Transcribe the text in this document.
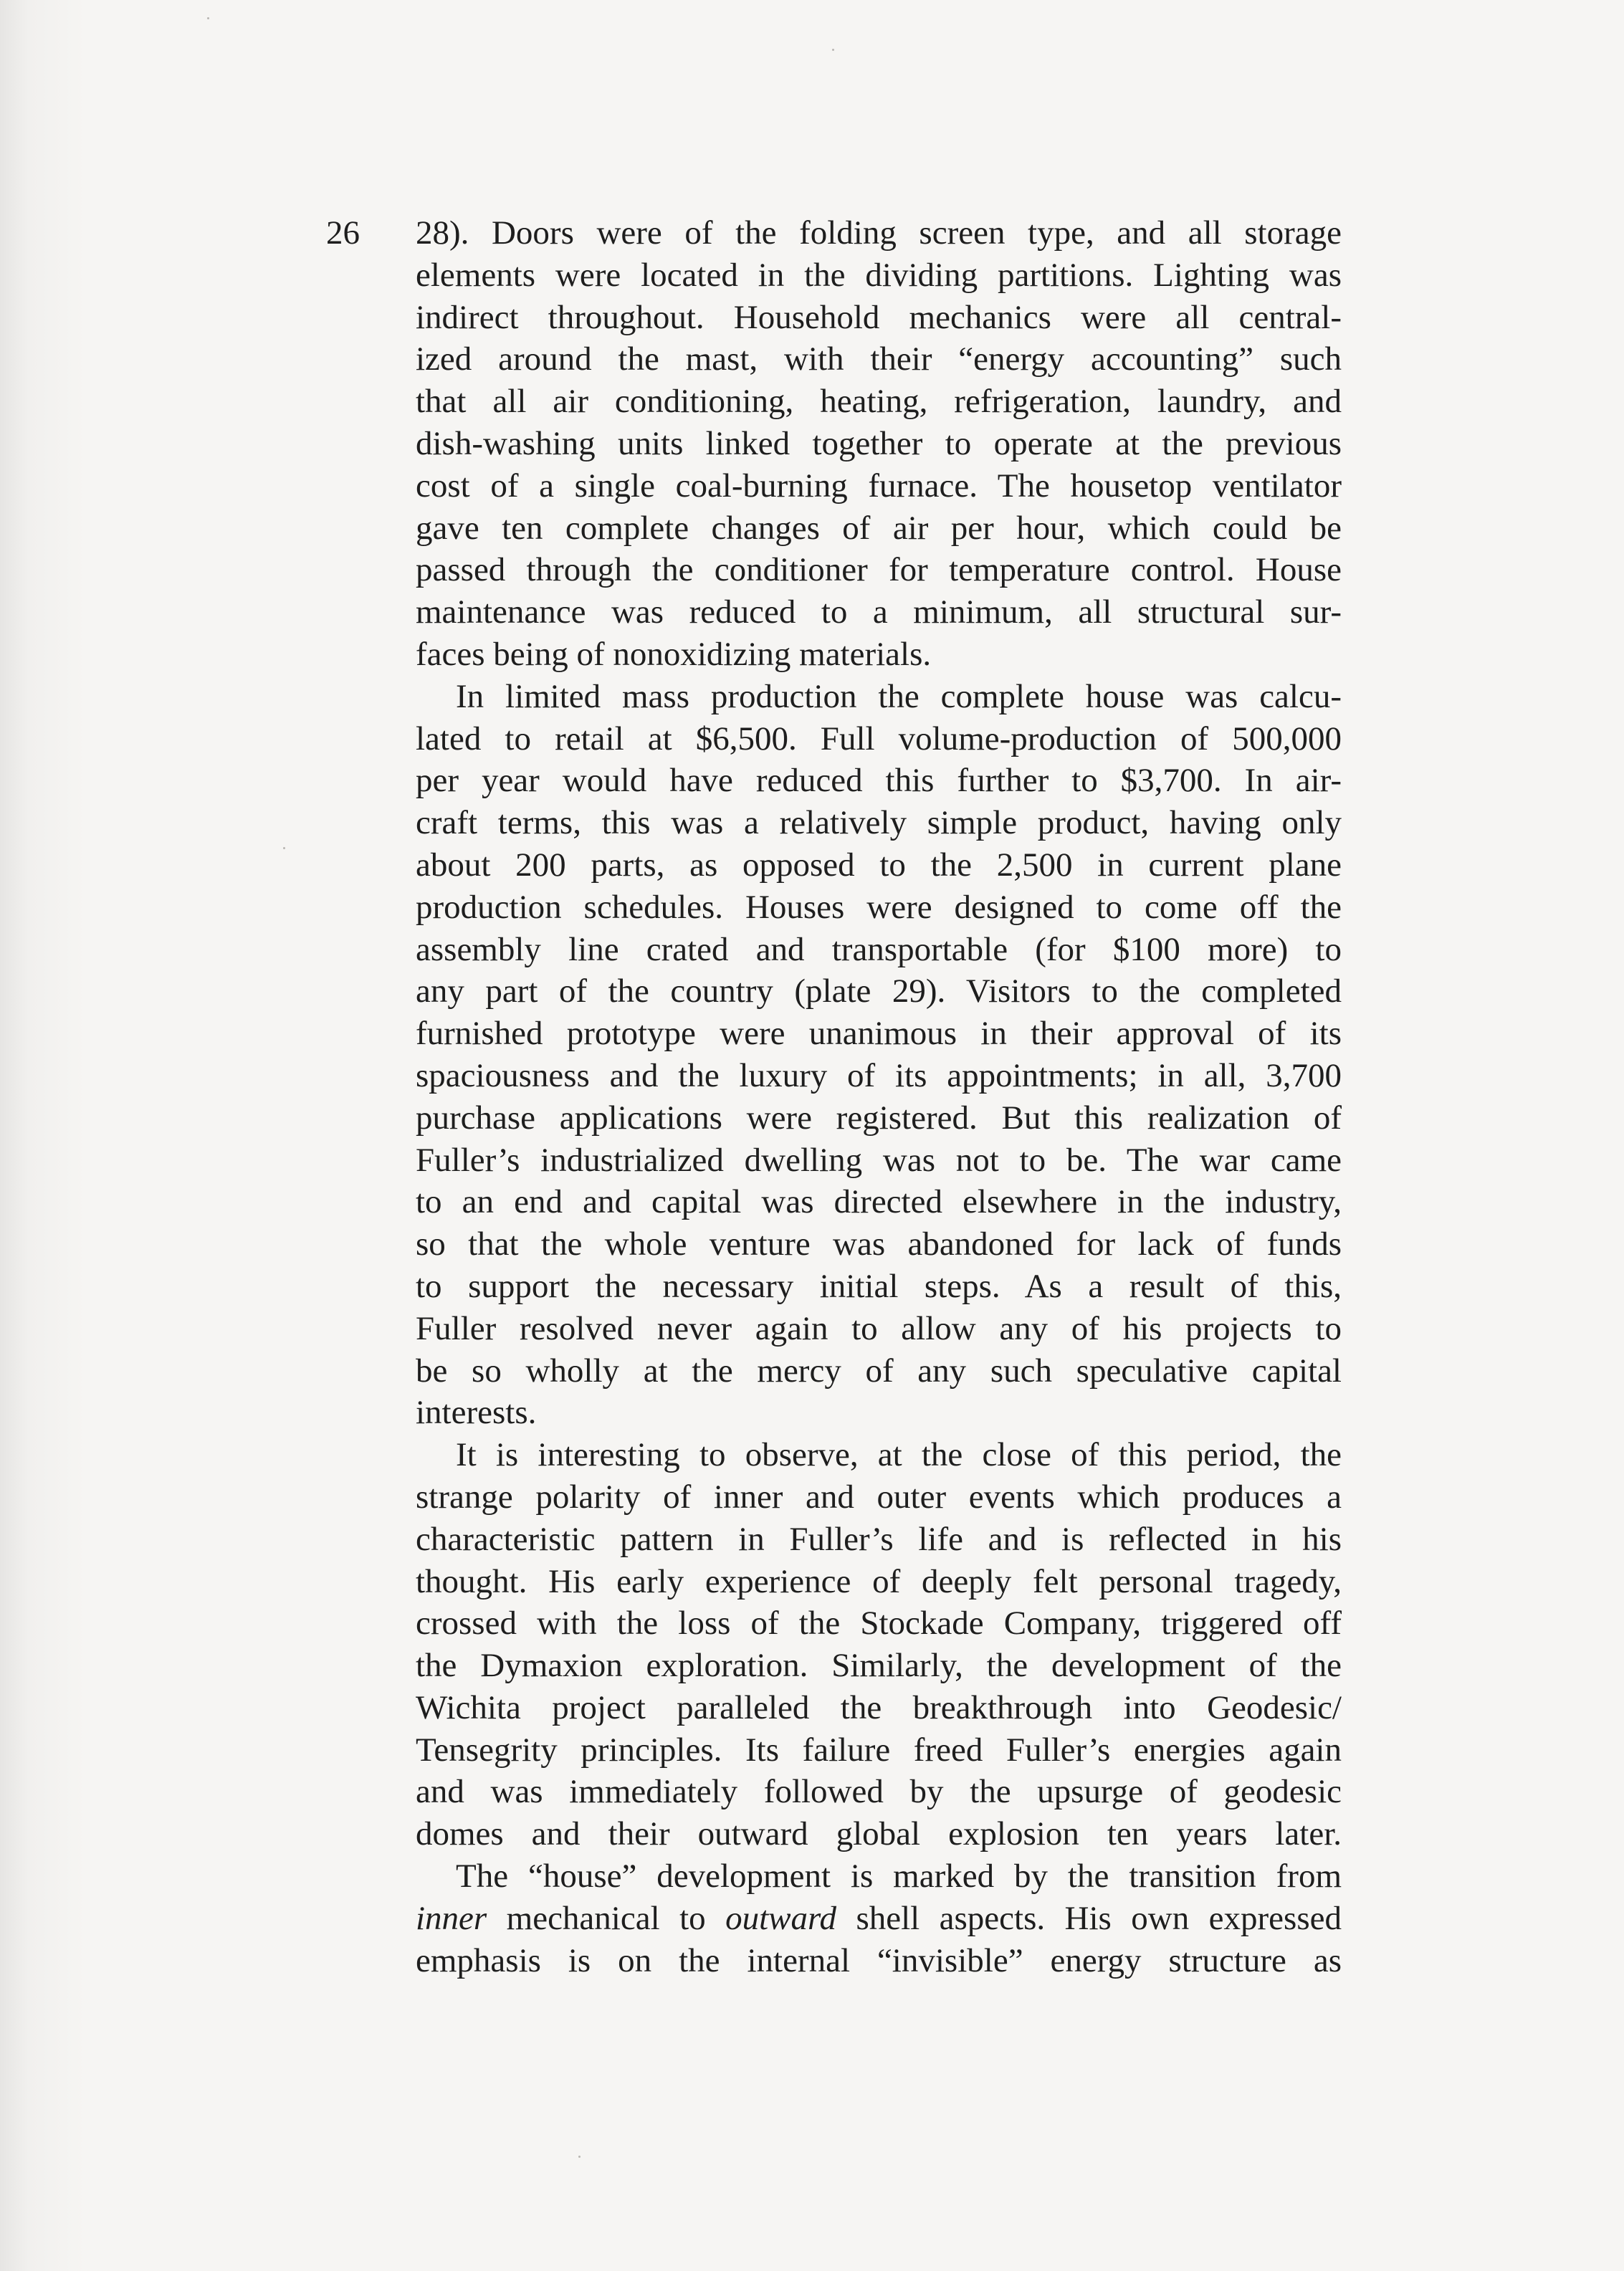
26 28). Doors were of the folding screen type, and all storage
elements were located in the dividing partitions. Lighting was
indirect throughout. Household mechanics were all central-
ized around the mast, with their “energy accounting” such
that all air conditioning, heating, refrigeration, laundry, and
dish-washing units linked together to operate at the previous
cost of a single coal-burning furnace. The housetop ventilator
gave ten complete changes of air per hour, which could be
passed through the conditioner for temperature control. House
maintenance was reduced to a minimum, all structural sur-
faces being of nonoxidizing materials.

In limited mass production the complete house was calcu-
lated to retail at $6,500. Full volume-production of 500,000
per year would have reduced this further to $3,700. In air-
craft terms, this was a relatively simple product, having only
about 200 parts, as opposed to the 2,500 in current plane
production schedules. Houses were designed to come off the
assembly line crated and transportable (for $100 more) to
any part of the country (plate 29). Visitors to the completed
furnished prototype were unanimous in their approval of its
spaciousness and the luxury of its appointments; in all, 3,700
purchase applications were registered. But this realization of
Fuller’s industrialized dwelling was not to be. The war came
to an end and capital was directed elsewhere in the industry,
so that the whole venture was abandoned for lack of funds
to support the necessary initial steps. As a result of this,
Fuller resolved never again to allow any of his projects to
be so wholly at the mercy of any such speculative capital
interests.

It is interesting to observe, at the close of this period, the
strange polarity of inner and outer events which produces a
characteristic pattern in Fuller’s life and is reflected in his
thought. His early experience of deeply felt personal tragedy,
crossed with the loss of the Stockade Company, triggered off
the Dymaxion exploration. Similarly, the development of the
Wichita project paralleled the breakthrough into Geodesic/
Tensegrity principles. Its failure freed Fuller’s energies again
and was immediately followed by the upsurge of geodesic
domes and their outward global explosion ten years later.

The “house” development is marked by the transition from
inner mechanical to outward shell aspects. His own expressed
emphasis is on the internal “invisible” energy structure as
